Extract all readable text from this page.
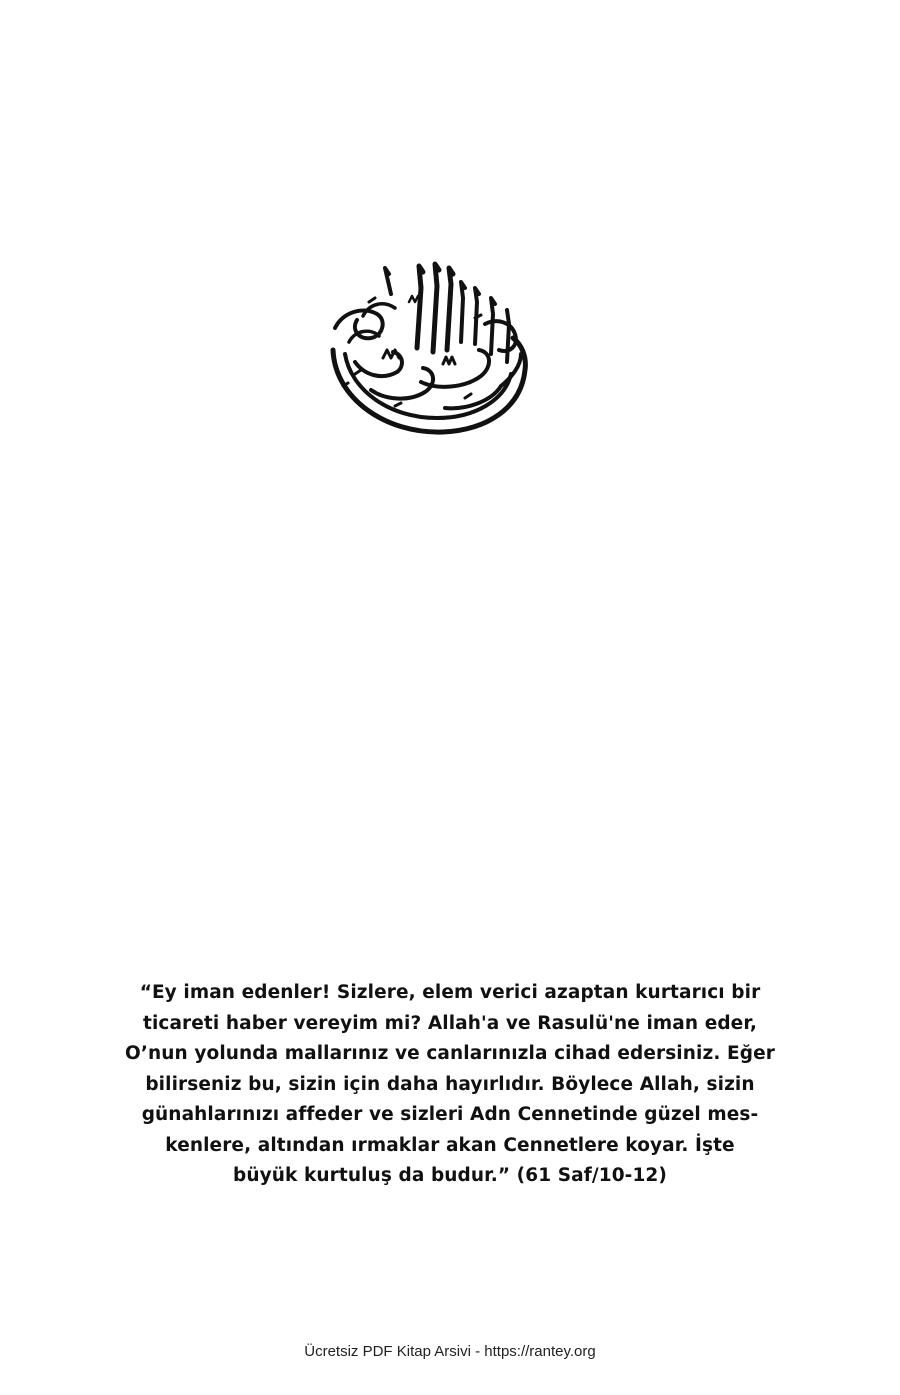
“Ey iman edenler! Sizlere, elem verici azaptan kurtarıcı bir
ticareti haber vereyim mi? Allah'a ve Rasulü'ne iman eder,
O’nun yolunda mallarınız ve canlarınızla cihad edersiniz. Eğer
bilirseniz bu, sizin için daha hayırlıdır. Böylece Allah, sizin
günahlarınızı affeder ve sizleri Adn Cennetinde güzel mes-
kenlere, altından ırmaklar akan Cennetlere koyar. İşte
büyük kurtuluş da budur.” (61 Saf/10-12)
Ücretsiz PDF Kitap Arsivi - https://rantey.org
